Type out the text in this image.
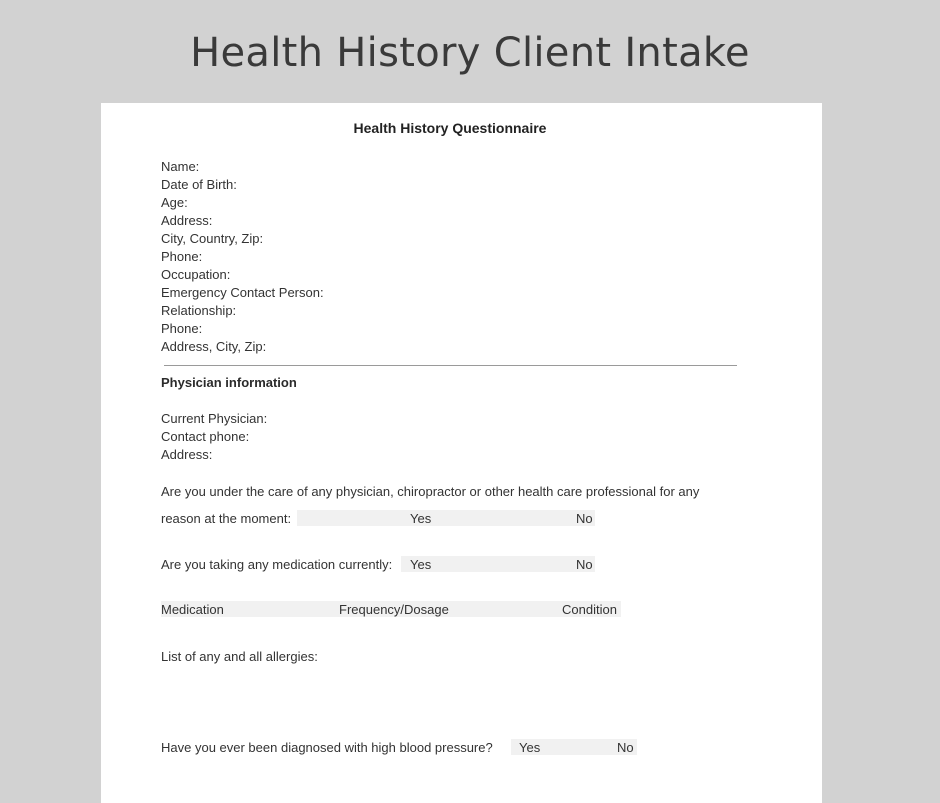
Health History Client Intake
Health History Questionnaire
Name:
Date of Birth:
Age:
Address:
City, Country, Zip:
Phone:
Occupation:
Emergency Contact Person:
Relationship:
Phone:
Address, City, Zip:
Physician information
Current Physician:
Contact phone:
Address:
Are you under the care of any physician, chiropractor or other health care professional for any
reason at the moment:	Yes	No
Are you taking any medication currently: Yes	No
Medication	Frequency/Dosage	Condition
List of any and all allergies:
Have you ever been diagnosed with high blood pressure? Yes	No
